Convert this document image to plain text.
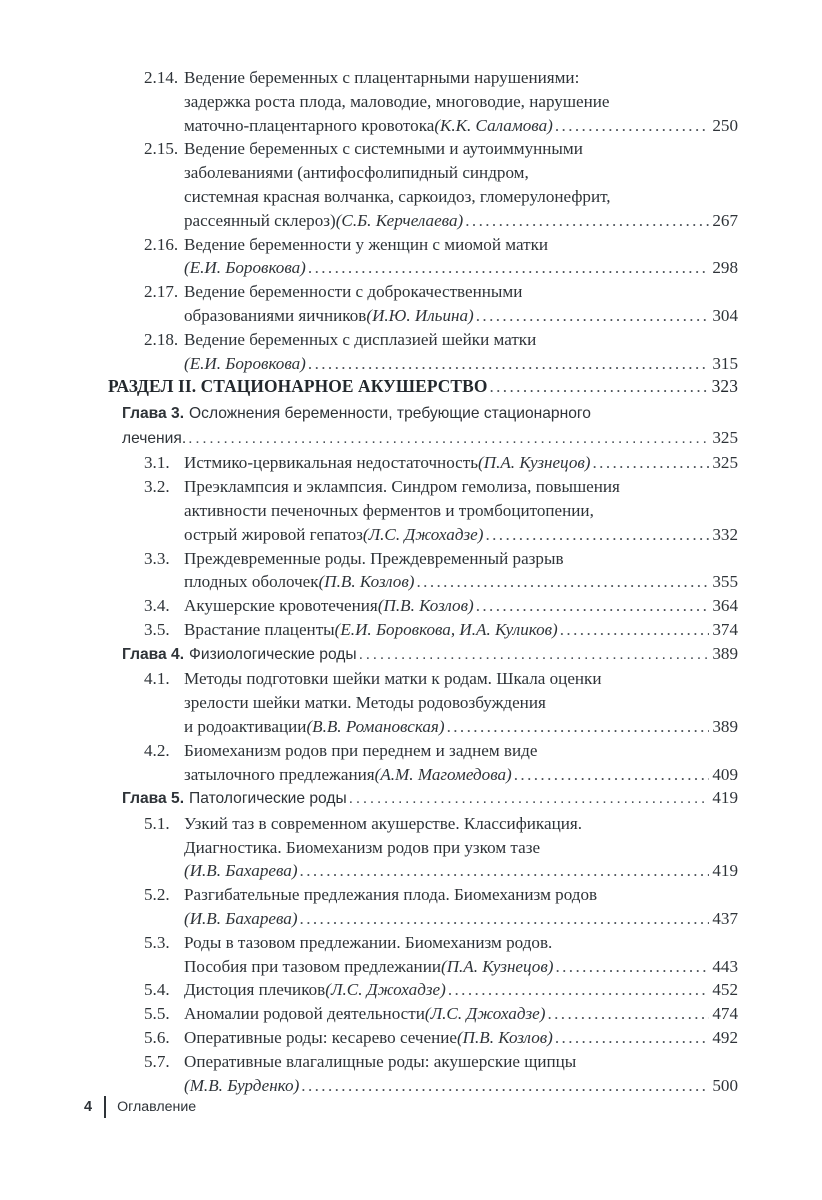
2.14. Ведение беременных с плацентарными нарушениями:

задержка роста плода, маловодие, многоводие, нарушение

маточно-плацентарного кровотока (К.К. Саламова) .....	250
2.15. Ведение беременных с системными и аутоиммунными

заболеваниями (антифосфолипидный синдром,

системная красная волчанка, саркоидоз, гломерулонефрит,

рассеянный склероз) (С.Б. Керчелаева) .....	267
2.16. Ведение беременности у женщин с миомой матки

(Е.И. Боровкова) .....	298
2.17. Ведение беременности с доброкачественными

образованиями яичников (И.Ю. Ильина) .....	304
2.18. Ведение беременных с дисплазией шейки матки

(Е.И. Боровкова) .....	315
РАЗДЕЛ II. СТАЦИОНАРНОЕ АКУШЕРСТВО .....	323
Глава 3. Осложнения беременности, требующие стационарного
лечения. .....	325
3.1. Истмико-цервикальная недостаточность (П.А. Кузнецов) .....	325
3.2. Преэклампсия и эклампсия. Синдром гемолиза, повышения

активности печеночных ферментов и тромбоцитопении,

острый жировой гепатоз (Л.С. Джохадзе) .....	332
3.3. Преждевременные роды. Преждевременный разрыв

плодных оболочек (П.В. Козлов) .....	355
3.4. Акушерские кровотечения (П.В. Козлов) .....	364
3.5. Врастание плаценты (Е.И. Боровкова, И.А. Куликов) .....	374
Глава 4. Физиологические роды .....	389
4.1. Методы подготовки шейки матки к родам. Шкала оценки

зрелости шейки матки. Методы родовозбуждения

и родоактивации (В.В. Романовская) .....	389
4.2. Биомеханизм родов при переднем и заднем виде

затылочного предлежания (А.М. Магомедова) .....	409
Глава 5. Патологические роды .....	419
5.1. Узкий таз в современном акушерстве. Классификация.

Диагностика. Биомеханизм родов при узком тазе

(И.В. Бахарева) .....	419
5.2. Разгибательные предлежания плода. Биомеханизм родов

(И.В. Бахарева) .....	437
5.3. Роды в тазовом предлежании. Биомеханизм родов.

Пособия при тазовом предлежании (П.А. Кузнецов) .....	443
5.4. Дистоция плечиков (Л.С. Джохадзе) .....	452
5.5. Аномалии родовой деятельности (Л.С. Джохадзе) .....	474
5.6. Оперативные роды: кесарево сечение (П.В. Козлов) .....	492
5.7. Оперативные влагалищные роды: акушерские щипцы

(М.В. Бурденко) .....	500
4 Оглавление
